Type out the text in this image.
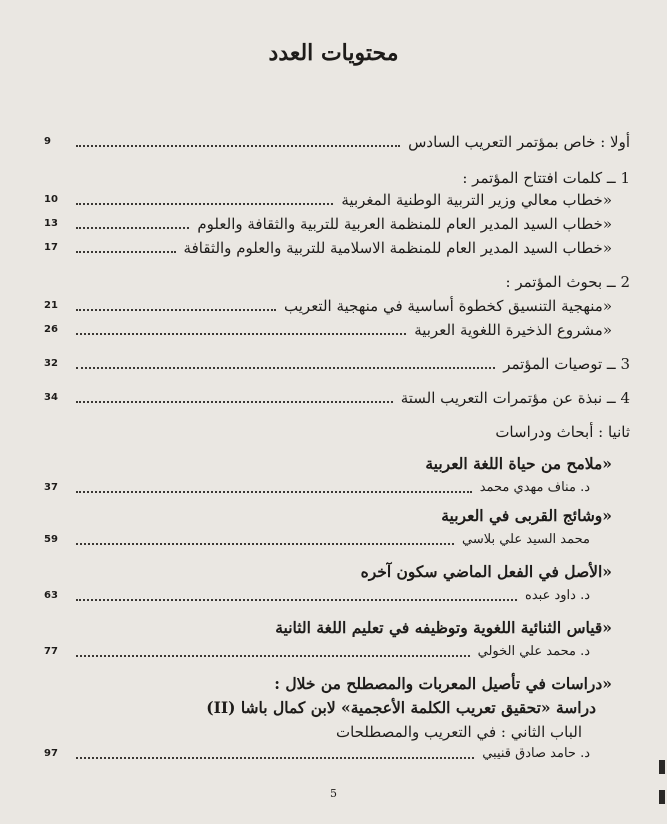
محتويات العدد
أولا : خاص بمؤتمر التعريب السادس
9
1 ــ كلمات افتتاح المؤتمر :
«خطاب معالي وزير التربية الوطنية المغربية
10
«خطاب السيد المدير العام للمنظمة العربية للتربية والثقافة والعلوم
13
«خطاب السيد المدير العام للمنظمة الاسلامية للتربية والعلوم والثقافة
17
2 ــ بحوث المؤتمر :
«منهجية التنسيق كخطوة أساسية في منهجية التعريب
21
«مشروع الذخيرة اللغوية العربية
26
3 ــ توصيات المؤتمر
32
4 ــ نبذة عن مؤتمرات التعريب الستة
34
ثانيا : أبحاث ودراسات
«ملامح من حياة اللغة العربية
د. مناف مهدي محمد
37
«وشائج القربى في العربية
محمد السيد علي بلاسي
59
«الأصل في الفعل الماضي سكون آخره
د. داود عبده
63
«قياس الثنائية اللغوية وتوظيفه في تعليم اللغة الثانية
د. محمد علي الخولي
77
«دراسات في تأصيل المعربات والمصطلح من خلال :
دراسة «تحقيق تعريب الكلمة الأعجمية» لابن كمال باشا (II)
الباب الثاني : في التعريب والمصطلحات
د. حامد صادق قنيبي
97
5
